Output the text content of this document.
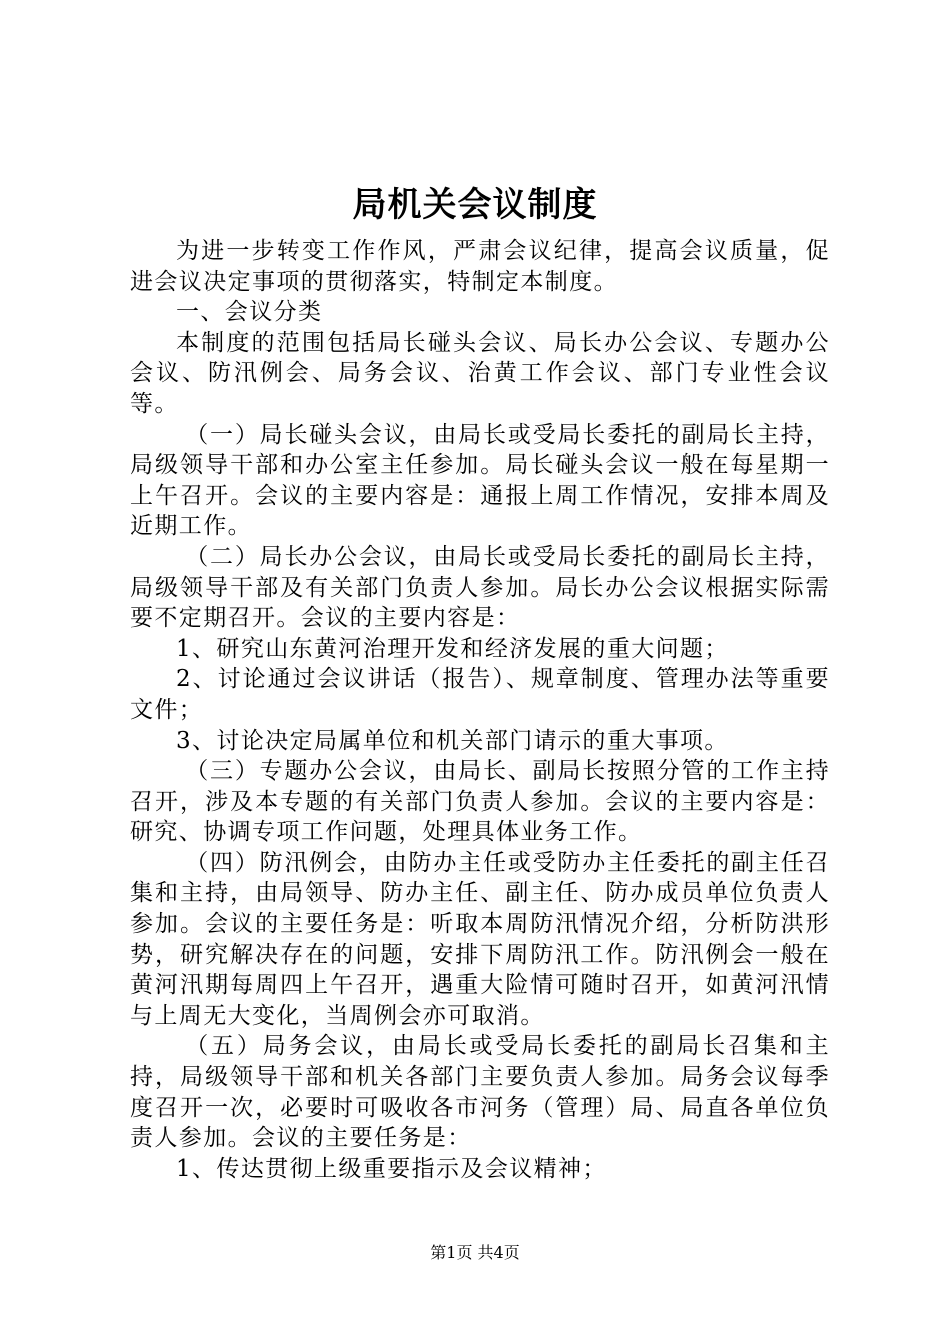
局机关会议制度

为进一步转变工作作风，严肃会议纪律，提高会议质量，促进会议决定事项的贯彻落实，特制定本制度。

一、会议分类

本制度的范围包括局长碰头会议、局长办公会议、专题办公会议、防汛例会、局务会议、治黄工作会议、部门专业性会议等。

（一）局长碰头会议，由局长或受局长委托的副局长主持，局级领导干部和办公室主任参加。局长碰头会议一般在每星期一上午召开。会议的主要内容是：通报上周工作情况，安排本周及近期工作。

（二）局长办公会议，由局长或受局长委托的副局长主持，局级领导干部及有关部门负责人参加。局长办公会议根据实际需要不定期召开。会议的主要内容是：

1、研究山东黄河治理开发和经济发展的重大问题；

2、讨论通过会议讲话（报告）、规章制度、管理办法等重要文件；

3、讨论决定局属单位和机关部门请示的重大事项。

（三）专题办公会议，由局长、副局长按照分管的工作主持召开，涉及本专题的有关部门负责人参加。会议的主要内容是：研究、协调专项工作问题，处理具体业务工作。

（四）防汛例会，由防办主任或受防办主任委托的副主任召集和主持，由局领导、防办主任、副主任、防办成员单位负责人参加。会议的主要任务是：听取本周防汛情况介绍，分析防洪形势，研究解决存在的问题，安排下周防汛工作。防汛例会一般在黄河汛期每周四上午召开，遇重大险情可随时召开，如黄河汛情与上周无大变化，当周例会亦可取消。

（五）局务会议，由局长或受局长委托的副局长召集和主持，局级领导干部和机关各部门主要负责人参加。局务会议每季度召开一次，必要时可吸收各市河务（管理）局、局直各单位负责人参加。会议的主要任务是：

1、传达贯彻上级重要指示及会议精神；

第1页 共4页
